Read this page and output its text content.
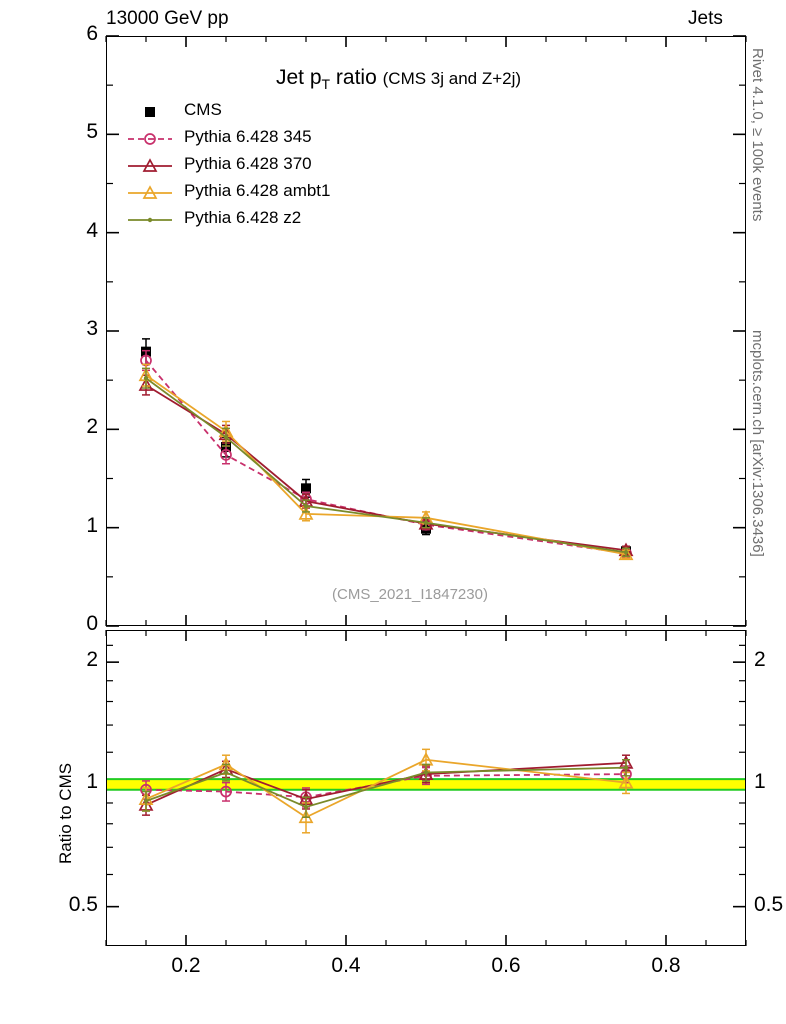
13000 GeV pp	Jets
Rivet 4.1.0, ≥ 100k events
mcplots.cern.ch [arXiv:1306.3436]
Jet $p_T$ ratio (CMS 3j and Z+2j)
(CMS_2021_I1847230)
Ratio to CMS
0
1
2
3
4
5
6
0.5	0.5
1	1
2	2
0.2	0.4	0.6	0.8
CMS
Pythia 6.428 345
Pythia 6.428 370
Pythia 6.428 ambt1
Pythia 6.428 z2
